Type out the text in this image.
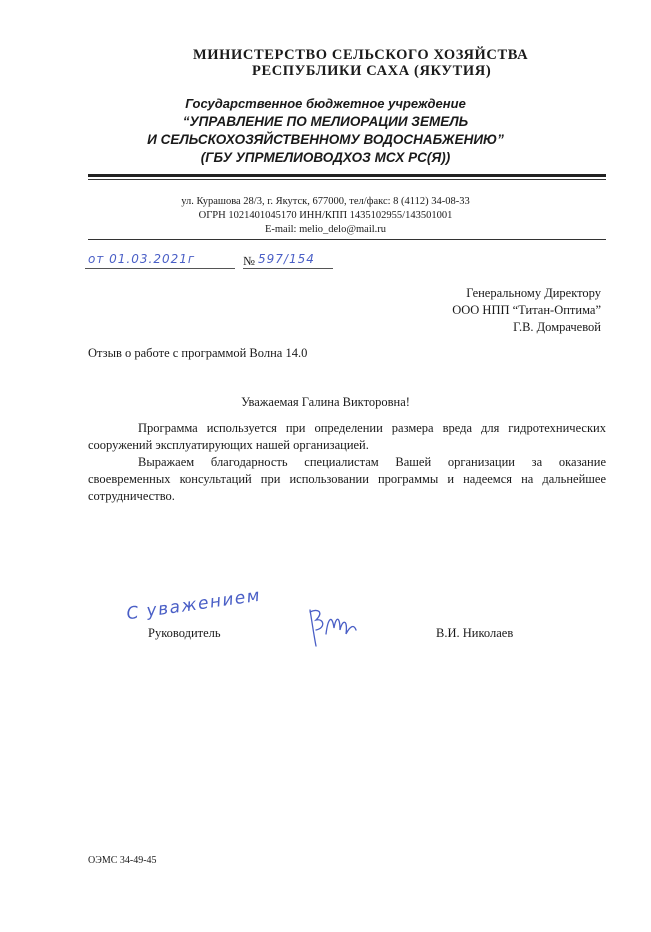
МИНИСТЕРСТВО СЕЛЬСКОГО ХОЗЯЙСТВА
РЕСПУБЛИКИ САХА (ЯКУТИЯ)
Государственное бюджетное учреждение
“УПРАВЛЕНИЕ ПО МЕЛИОРАЦИИ ЗЕМЕЛЬ
И СЕЛЬСКОХОЗЯЙСТВЕННОМУ ВОДОСНАБЖЕНИЮ”
(ГБУ УПРМЕЛИОВОДХОЗ МСХ РС(Я))
ул. Курашова 28/3, г. Якутск, 677000, тел/факс: 8 (4112) 34-08-33
ОГРН 1021401045170 ИНН/КПП 1435102955/143501001
E-mail: melio_delo@mail.ru
от 01.03.2021г	№ 597/154
Генеральному Директору
ООО НПП “Титан-Оптима”
Г.В. Домрачевой
Отзыв о работе с программой Волна 14.0
Уважаемая Галина Викторовна!

Программа используется при определении размера вреда для гидротехнических сооружений эксплуатирующих нашей организацией.

Выражаем благодарность специалистам Вашей организации за оказание своевременных консультаций при использовании программы и надеемся на дальнейшее сотрудничество.

С уважением
Руководитель	В.И. Николаев
ОЭМС 34-49-45
